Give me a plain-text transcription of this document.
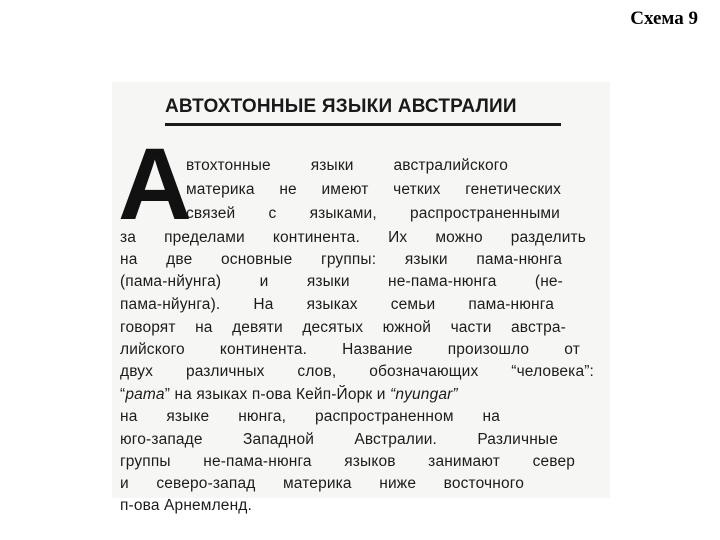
Схема 9
АВТОХТОННЫЕ ЯЗЫКИ АВСТРАЛИИ
А
втохтонные языки австралийского
материка не имеют четких генетических
связей с языками, распространенными
за пределами континента. Их можно разделить
на две основные группы: языки пама-нюнга
(пама-нйунга) и языки не-пама-нюнга (не-
пама-нйунга). На языках семьи пама-нюнга
говорят на девяти десятых южной части австра-
лийского континента. Название произошло от
двух различных слов, обозначающих “человека”:
“рama” на языках п-ова Кейп-Йорк и “nyungar”
на языке нюнга, распространенном на
юго-западе Западной Австралии. Различные
группы не-пама-нюнга языков занимают север
и северо-запад материка ниже восточного
п-ова Арнемленд.
